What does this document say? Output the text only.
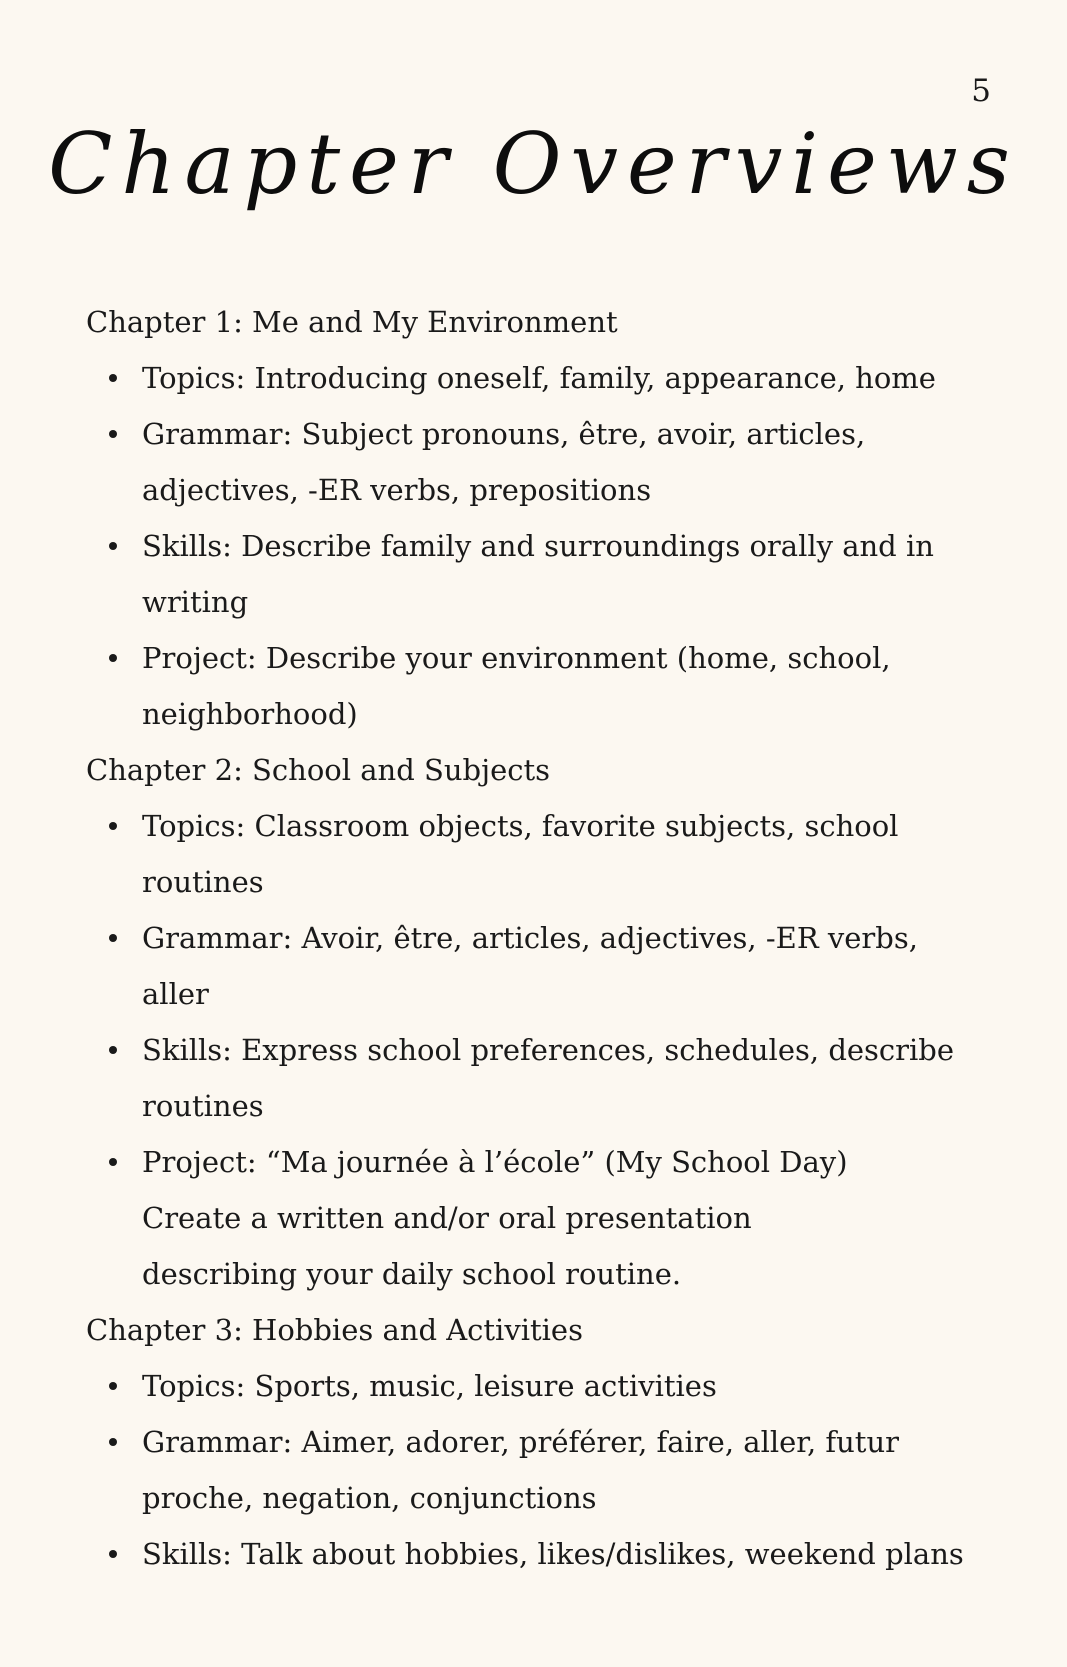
5
Chapter Overviews
Chapter 1: Me and My Environment
Topics: Introducing oneself, family, appearance, home
Grammar: Subject pronouns, être, avoir, articles,
adjectives, -ER verbs, prepositions
Skills: Describe family and surroundings orally and in
writing
Project: Describe your environment (home, school,
neighborhood)
Chapter 2: School and Subjects
Topics: Classroom objects, favorite subjects, school
routines
Grammar: Avoir, être, articles, adjectives, -ER verbs,
aller
Skills: Express school preferences, schedules, describe
routines
Project: “Ma journée à l’école” (My School Day)
Create a written and/or oral presentation
describing your daily school routine.
Chapter 3: Hobbies and Activities
Topics: Sports, music, leisure activities
Grammar: Aimer, adorer, préférer, faire, aller, futur
proche, negation, conjunctions
Skills: Talk about hobbies, likes/dislikes, weekend plans
